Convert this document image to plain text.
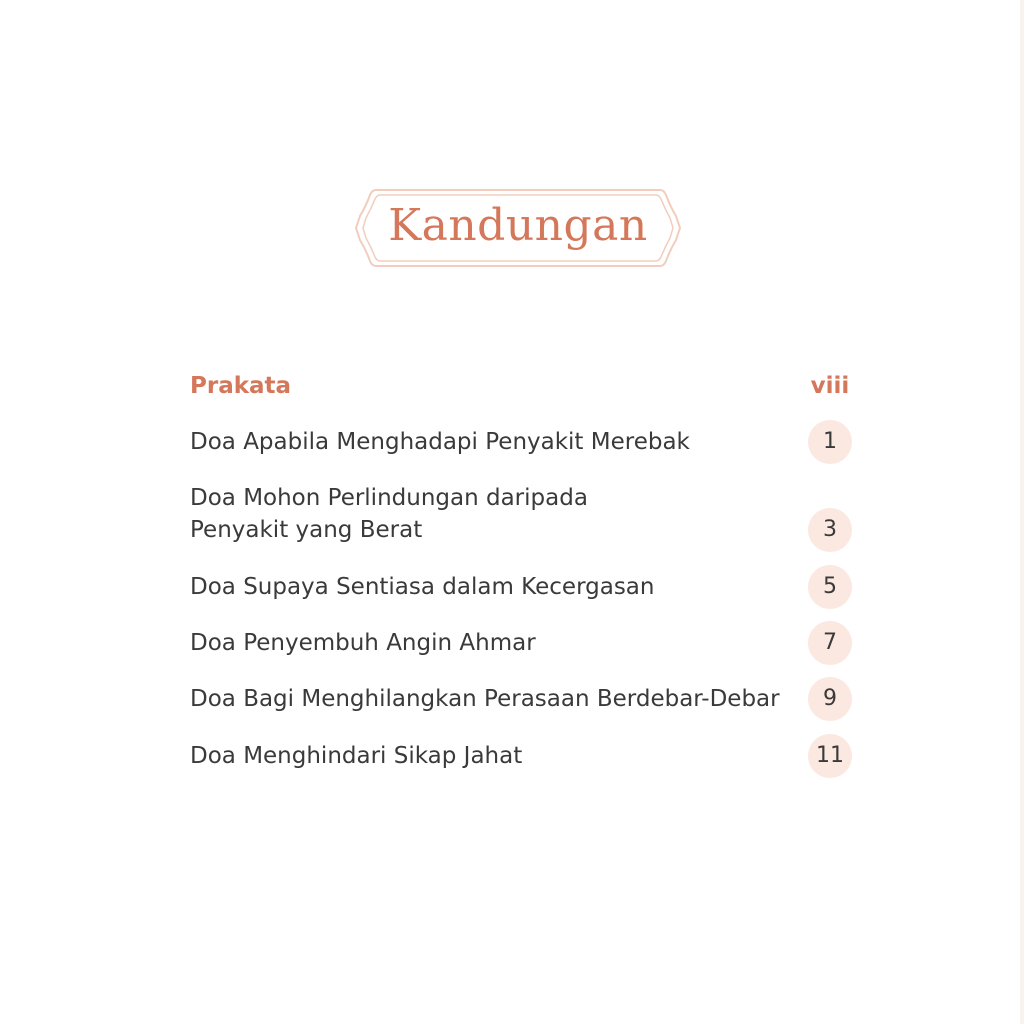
Kandungan
Prakata	viii
Doa Apabila Menghadapi Penyakit Merebak	1
Doa Mohon Perlindungan daripada
Penyakit yang Berat	3
Doa Supaya Sentiasa dalam Kecergasan	5
Doa Penyembuh Angin Ahmar	7
Doa Bagi Menghilangkan Perasaan Berdebar-Debar	9
Doa Menghindari Sikap Jahat	11
